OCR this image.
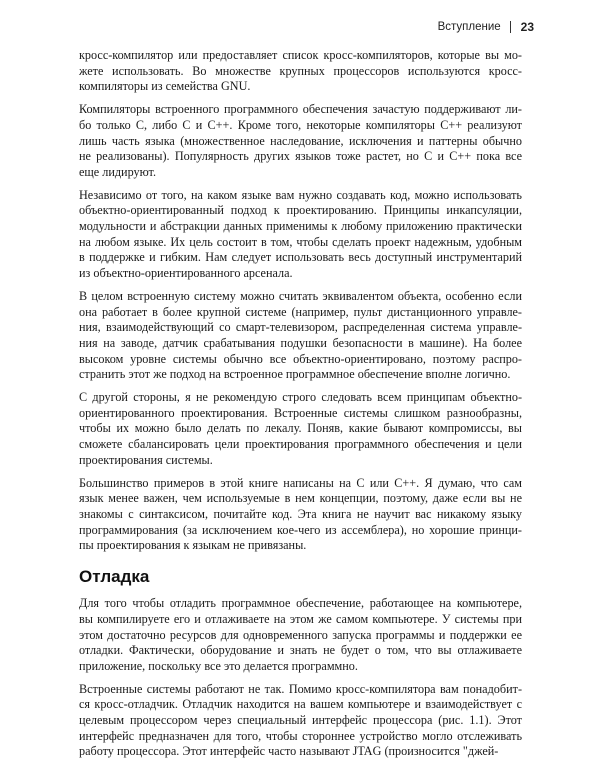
Вступление 23

кросс-компилятор или предоставляет список кросс-компиляторов, которые вы мо-
жете использовать. Во множестве крупных процессоров используются кросс-
компиляторы из семейства GNU.

Компиляторы встроенного программного обеспечения зачастую поддерживают ли-
бо только C, либо C и C++. Кроме того, некоторые компиляторы C++ реализуют
лишь часть языка (множественное наследование, исключения и паттерны обычно
не реализованы). Популярность других языков тоже растет, но C и C++ пока все
еще лидируют.

Независимо от того, на каком языке вам нужно создавать код, можно использовать
объектно-ориентированный подход к проектированию. Принципы инкапсуляции,
модульности и абстракции данных применимы к любому приложению практически
на любом языке. Их цель состоит в том, чтобы сделать проект надежным, удобным
в поддержке и гибким. Нам следует использовать весь доступный инструментарий
из объектно-ориентированного арсенала.

В целом встроенную систему можно считать эквивалентом объекта, особенно если
она работает в более крупной системе (например, пульт дистанционного управле-
ния, взаимодействующий со смарт-телевизором, распределенная система управле-
ния на заводе, датчик срабатывания подушки безопасности в машине). На более
высоком уровне системы обычно все объектно-ориентировано, поэтому распро-
странить этот же подход на встроенное программное обеспечение вполне логично.

С другой стороны, я не рекомендую строго следовать всем принципам объектно-
ориентированного проектирования. Встроенные системы слишком разнообразны,
чтобы их можно было делать по лекалу. Поняв, какие бывают компромиссы, вы
сможете сбалансировать цели проектирования программного обеспечения и цели
проектирования системы.

Большинство примеров в этой книге написаны на C или C++. Я думаю, что сам
язык менее важен, чем используемые в нем концепции, поэтому, даже если вы не
знакомы с синтаксисом, почитайте код. Эта книга не научит вас никакому языку
программирования (за исключением кое-чего из ассемблера), но хорошие принци-
пы проектирования к языкам не привязаны.

Отладка

Для того чтобы отладить программное обеспечение, работающее на компьютере,
вы компилируете его и отлаживаете на этом же самом компьютере. У системы при
этом достаточно ресурсов для одновременного запуска программы и поддержки ее
отладки. Фактически, оборудование и знать не будет о том, что вы отлаживаете
приложение, поскольку все это делается программно.

Встроенные системы работают не так. Помимо кросс-компилятора вам понадобит-
ся кросс-отладчик. Отладчик находится на вашем компьютере и взаимодействует с
целевым процессором через специальный интерфейс процессора (рис. 1.1). Этот
интерфейс предназначен для того, чтобы стороннее устройство могло отслеживать
работу процессора. Этот интерфейс часто называют JTAG (произносится "джей-
